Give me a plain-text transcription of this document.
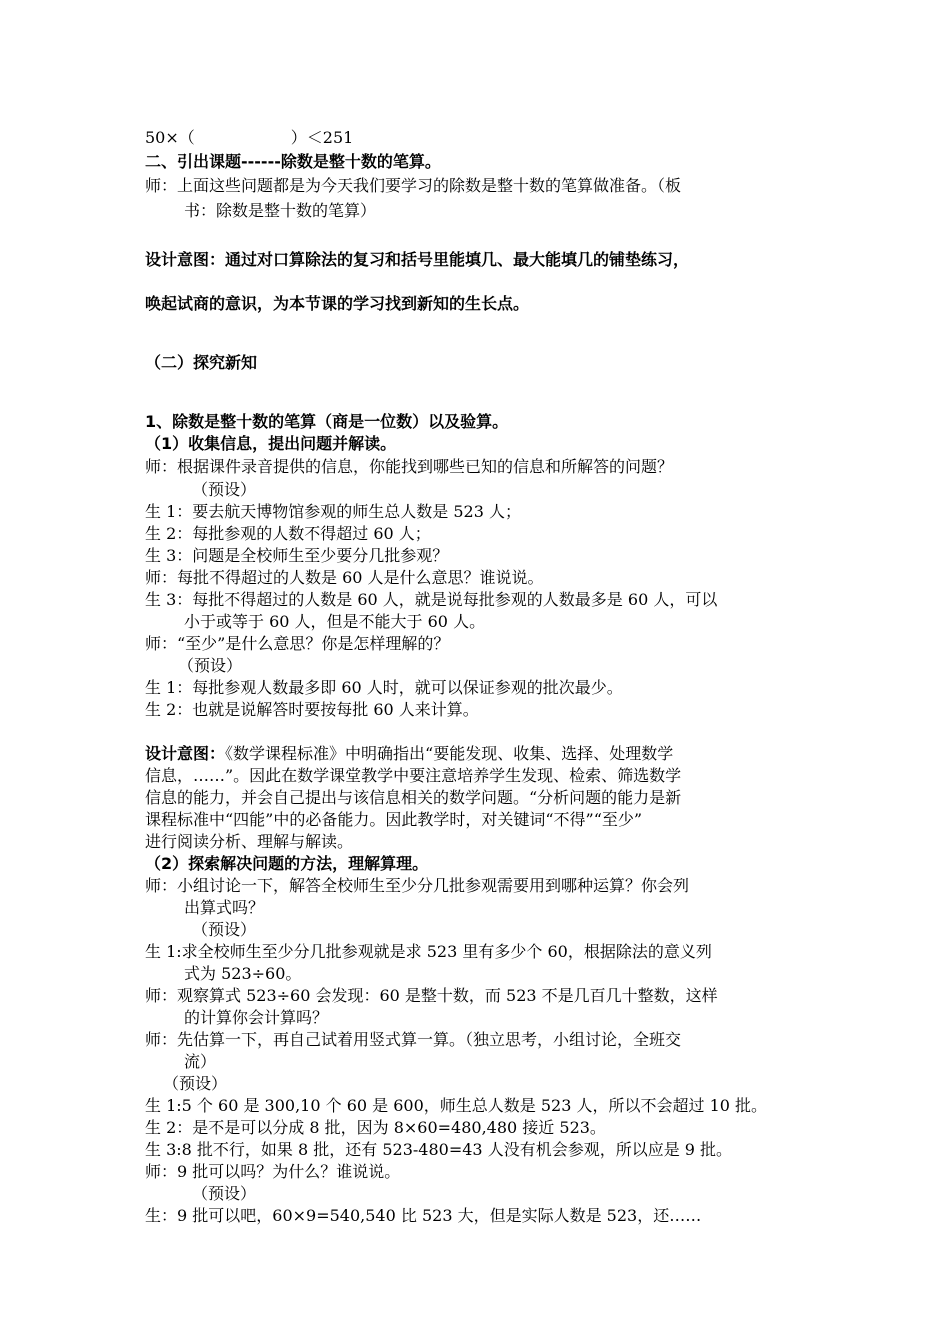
50×（　　　　　　）＜251
二、引出课题------除数是整十数的笔算。
师：上面这些问题都是为今天我们要学习的除数是整十数的笔算做准备。（板
书：除数是整十数的笔算）
设计意图：通过对口算除法的复习和括号里能填几、最大能填几的铺垫练习，
唤起试商的意识，为本节课的学习找到新知的生长点。
（二）探究新知
1、除数是整十数的笔算（商是一位数）以及验算。
（1）收集信息，提出问题并解读。
师：根据课件录音提供的信息，你能找到哪些已知的信息和所解答的问题？
（预设）
生 1：要去航天博物馆参观的师生总人数是 523 人；
生 2：每批参观的人数不得超过 60 人；
生 3：问题是全校师生至少要分几批参观？
师：每批不得超过的人数是 60 人是什么意思？谁说说。
生 3：每批不得超过的人数是 60 人，就是说每批参观的人数最多是 60 人，可以
小于或等于 60 人，但是不能大于 60 人。
师：“至少”是什么意思？你是怎样理解的？
（预设）
生 1：每批参观人数最多即 60 人时，就可以保证参观的批次最少。
生 2：也就是说解答时要按每批 60 人来计算。
设计意图：《数学课程标准》中明确指出“要能发现、收集、选择、处理数学
信息，……”。因此在数学课堂教学中要注意培养学生发现、检索、筛选数学
信息的能力，并会自己提出与该信息相关的数学问题。“分析问题的能力是新
课程标准中“四能”中的必备能力。因此教学时，对关键词“不得”“至少”
进行阅读分析、理解与解读。
（2）探索解决问题的方法，理解算理。
师：小组讨论一下，解答全校师生至少分几批参观需要用到哪种运算？你会列
出算式吗？
（预设）
生 1:求全校师生至少分几批参观就是求 523 里有多少个 60，根据除法的意义列
式为 523÷60。
师：观察算式 523÷60 会发现：60 是整十数，而 523 不是几百几十整数，这样
的计算你会计算吗？
师：先估算一下，再自己试着用竖式算一算。（独立思考，小组讨论，全班交
流）
（预设）
生 1:5 个 60 是 300,10 个 60 是 600，师生总人数是 523 人，所以不会超过 10 批。
生 2：是不是可以分成 8 批，因为 8×60=480,480 接近 523。
生 3:8 批不行，如果 8 批，还有 523-480=43 人没有机会参观，所以应是 9 批。
师：9 批可以吗？为什么？谁说说。
（预设）
生：9 批可以吧，60×9=540,540 比 523 大，但是实际人数是 523，还……
